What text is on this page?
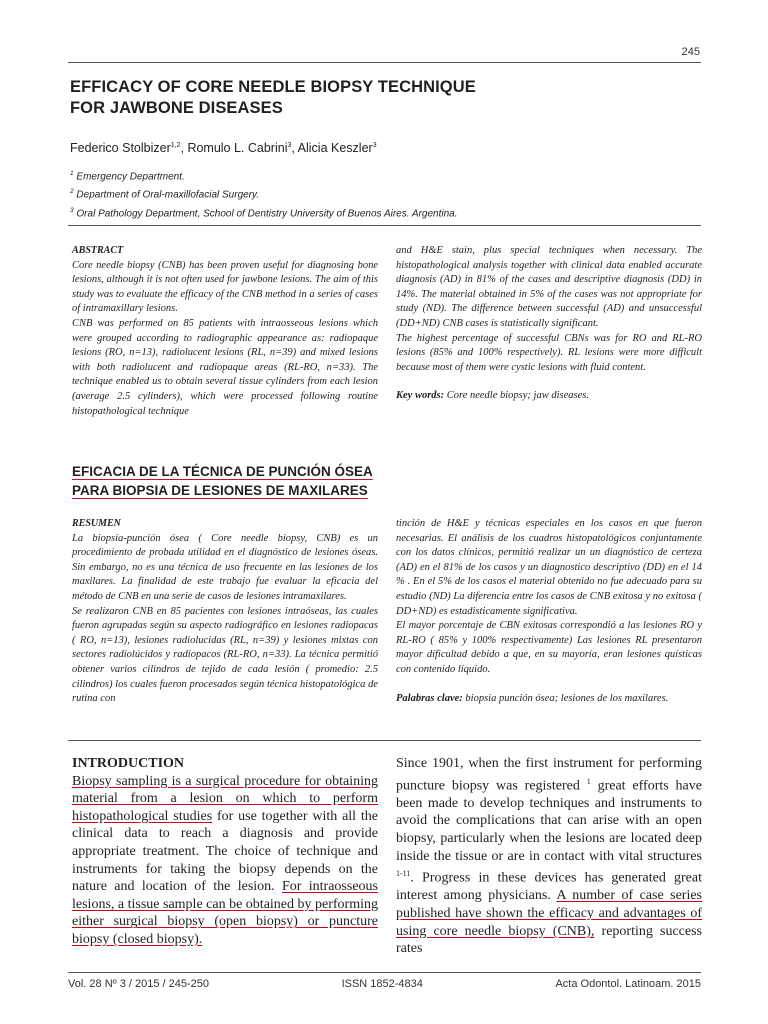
245
EFFICACY OF CORE NEEDLE BIOPSY TECHNIQUE
FOR JAWBONE DISEASES
Federico Stolbizer$^{1,2}$, Romulo L. Cabrini$^3$, Alicia Keszler$^3$
$^1$ Emergency Department.
$^2$ Department of Oral-maxillofacial Surgery.
$^3$ Oral Pathology Department, School of Dentistry University of Buenos Aires. Argentina.
ABSTRACT

Core needle biopsy (CNB) has been proven useful for diagnosing bone lesions, although it is not often used for jawbone lesions. The aim of this study was to evaluate the efficacy of the CNB method in a series of cases of intramaxillary lesions.

CNB was performed on 85 patients with intraosseous lesions which were grouped according to radiographic appearance as: radiopaque lesions (RO, n=13), radiolucent lesions (RL, n=39) and mixed lesions with both radiolucent and radiopaque areas (RL-RO, n=33). The technique enabled us to obtain several tissue cylinders from each lesion (average 2.5 cylinders), which were processed following routine histopathological technique

and H&E stain, plus special techniques when necessary. The histopathological analysis together with clinical data enabled accurate diagnosis (AD) in 81% of the cases and descriptive diagnosis (DD) in 14%. The material obtained in 5% of the cases was not appropriate for study (ND). The difference between successful (AD) and unsuccessful (DD+ND) CNB cases is statistically significant.

The highest percentage of successful CBNs was for RO and RL-RO lesions (85% and 100% respectively). RL lesions were more difficult because most of them were cystic lesions with fluid content.

Key words: Core needle biopsy; jaw diseases.

EFICACIA DE LA TÉCNICA DE PUNCIÓN ÓSEA
PARA BIOPSIA DE LESIONES DE MAXILARES
RESUMEN

La biopsia-punción ósea ( Core needle biopsy, CNB) es un procedimiento de probada utilidad en el diagnóstico de lesiones óseas. Sin embargo, no es una técnica de uso frecuente en las lesiones de los maxilares. La finalidad de este trabajo fue evaluar la eficacia del método de CNB en una serie de casos de lesiones intramaxilares.

Se realizaron CNB en 85 pacientes con lesiones intraóseas, las cuales fueron agrupadas según su aspecto radiográfico en lesiones radiopacas ( RO, n=13), lesiones radiolucidas (RL, n=39) y lesiones mixtas con sectores radiolúcidos y radiopacos (RL-RO, n=33). La técnica permitió obtener varios cilindros de tejido de cada lesión ( promedio: 2.5 cilindros) los cuales fueron procesados según técnica histopatológica de rutina con

tinción de H&E y técnicas especiales en los casos en que fueron necesarias. El análisis de los cuadros histopatológicos conjuntamente con los datos clínicos, permitió realizar un un diagnóstico de certeza (AD) en el 81% de los casos y un diagnostico descriptivo (DD) en el 14 % . En el 5% de los casos el material obtenido no fue adecuado para su estudio (ND) La diferencia entre los casos de CNB exitosa y no exitosa ( DD+ND) es estadisticamente significativa.

El mayor porcentaje de CBN exitosas correspondió a las lesiones RO y RL-RO ( 85% y 100% respectivamente) Las lesiones RL presentaron mayor dificultad debido a que, en su mayoría, eran lesiones quísticas con contenido líquido.

Palabras clave: biopsia punción ósea; lesiones de los maxilares.

INTRODUCTION

Biopsy sampling is a surgical procedure for obtaining material from a lesion on which to perform histopathological studies for use together with all the clinical data to reach a diagnosis and provide appropriate treatment. The choice of technique and instruments for taking the biopsy depends on the nature and location of the lesion. For intraosseous lesions, a tissue sample can be obtained by performing either surgical biopsy (open biopsy) or puncture biopsy (closed biopsy).

Since 1901, when the first instrument for performing puncture biopsy was registered $^1$ great efforts have been made to develop techniques and instruments to avoid the complications that can arise with an open biopsy, particularly when the lesions are located deep inside the tissue or are in contact with vital structures $^{1-11}$. Progress in these devices has generated great interest among physicians. A number of case series published have shown the efficacy and advantages of using core needle biopsy (CNB), reporting success rates

Vol. 28 Nº 3 / 2015 / 245-250	ISSN 1852-4834	Acta Odontol. Latinoam. 2015
